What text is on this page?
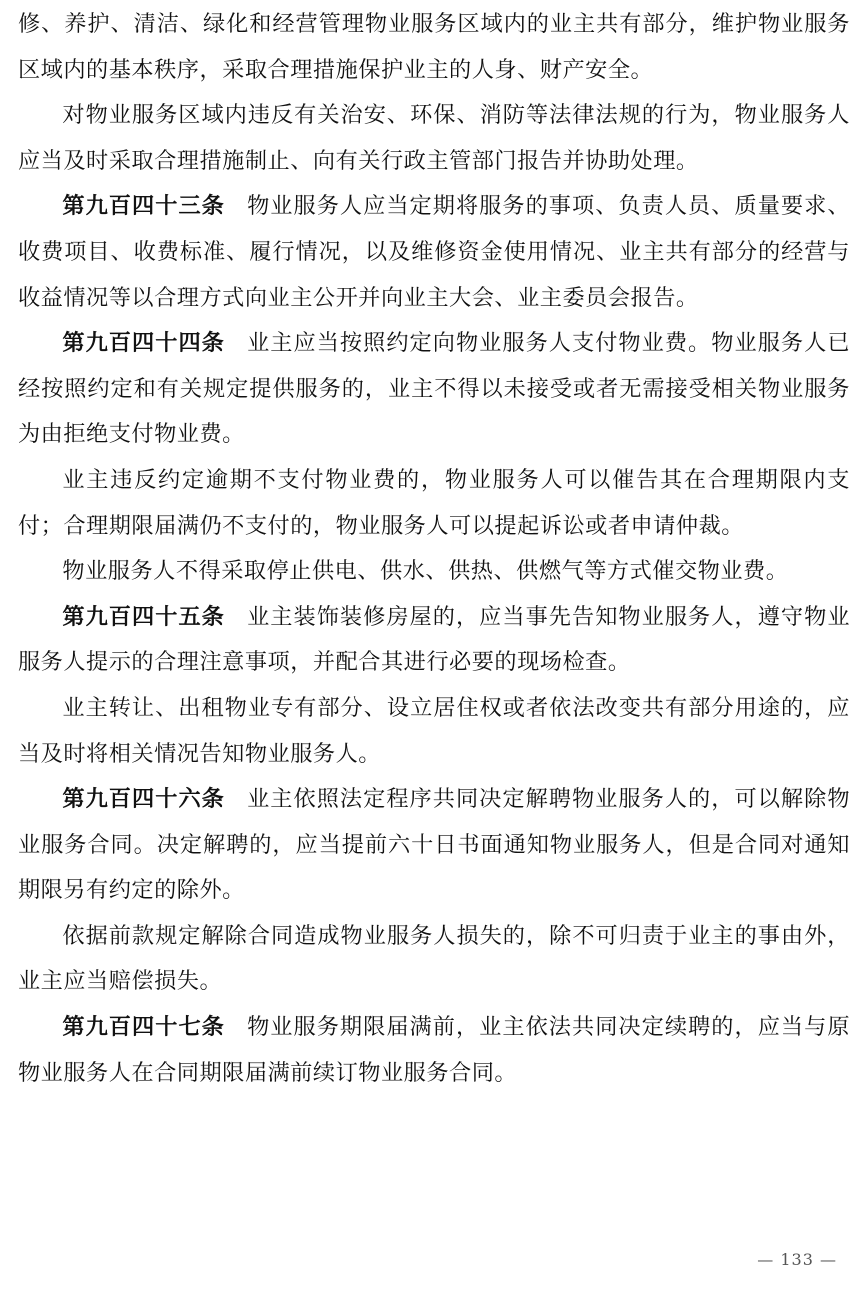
修、养护、清洁、绿化和经营管理物业服务区域内的业主共有部分，维护物业服务区域内的基本秩序，采取合理措施保护业主的人身、财产安全。

对物业服务区域内违反有关治安、环保、消防等法律法规的行为，物业服务人应当及时采取合理措施制止、向有关行政主管部门报告并协助处理。

第九百四十三条 物业服务人应当定期将服务的事项、负责人员、质量要求、收费项目、收费标准、履行情况，以及维修资金使用情况、业主共有部分的经营与收益情况等以合理方式向业主公开并向业主大会、业主委员会报告。

第九百四十四条 业主应当按照约定向物业服务人支付物业费。物业服务人已经按照约定和有关规定提供服务的，业主不得以未接受或者无需接受相关物业服务为由拒绝支付物业费。

业主违反约定逾期不支付物业费的，物业服务人可以催告其在合理期限内支付；合理期限届满仍不支付的，物业服务人可以提起诉讼或者申请仲裁。

物业服务人不得采取停止供电、供水、供热、供燃气等方式催交物业费。

第九百四十五条 业主装饰装修房屋的，应当事先告知物业服务人，遵守物业服务人提示的合理注意事项，并配合其进行必要的现场检查。

业主转让、出租物业专有部分、设立居住权或者依法改变共有部分用途的，应当及时将相关情况告知物业服务人。

第九百四十六条 业主依照法定程序共同决定解聘物业服务人的，可以解除物业服务合同。决定解聘的，应当提前六十日书面通知物业服务人，但是合同对通知期限另有约定的除外。

依据前款规定解除合同造成物业服务人损失的，除不可归责于业主的事由外，业主应当赔偿损失。

第九百四十七条 物业服务期限届满前，业主依法共同决定续聘的，应当与原物业服务人在合同期限届满前续订物业服务合同。

— 133 —
